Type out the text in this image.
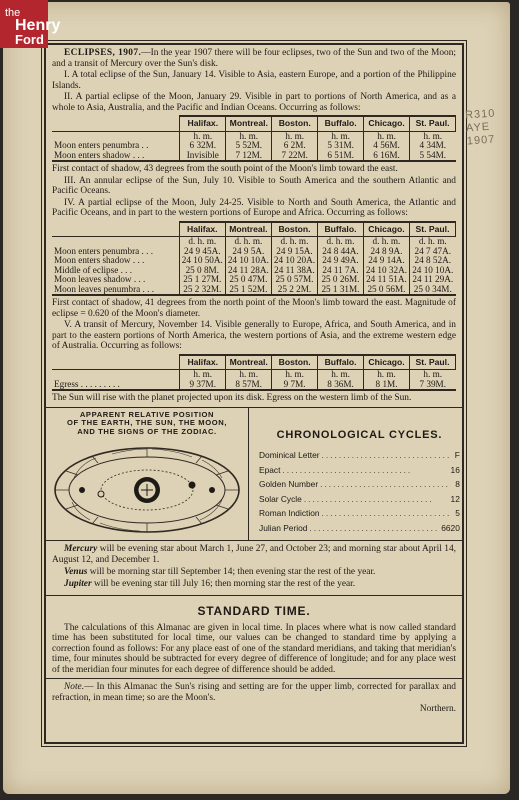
the
Henry
Ford
R310
AYE
1907

ECLIPSES, 1907.—In the year 1907 there will be four eclipses, two of the Sun and two of the Moon; and a transit of Mercury over the Sun's disk.

I. A total eclipse of the Sun, January 14. Visible to Asia, eastern Europe, and a portion of the Philippine Islands.

II. A partial eclipse of the Moon, January 29. Visible in part to portions of North America, and as a whole to Asia, Australia, and the Pacific and Indian Oceans. Occurring as follows:

	Halifax.	Montreal.	Boston.	Buffalo.	Chicago.	St. Paul.
	h. m.	h. m.	h. m.	h. m.	h. m.	h. m.
Moon enters penumbra . .	6 32M.	5 52M.	6 2M.	5 31M.	4 56M.	4 34M.
Moon enters shadow . . .	Invisible	7 12M.	7 22M.	6 51M.	6 16M.	5 54M.

First contact of shadow, 43 degrees from the south point of the Moon's limb toward the east.

III. An annular eclipse of the Sun, July 10. Visible to South America and the southern Atlantic and Pacific Oceans.

IV. A partial eclipse of the Moon, July 24-25. Visible to North and South America, the Atlantic and Pacific Oceans, and in part to the western portions of Europe and Africa. Occurring as follows:

	Halifax.	Montreal.	Boston.	Buffalo.	Chicago.	St. Paul.
	d. h. m.	d. h. m.	d. h. m.	d. h. m.	d. h. m.	d. h. m.
Moon enters penumbra . . .	24 9 45A.	24 9 5A.	24 9 15A.	24 8 44A.	24 8 9A.	24 7 47A.
Moon enters shadow . . .	24 10 50A.	24 10 10A.	24 10 20A.	24 9 49A.	24 9 14A.	24 8 52A.
Middle of eclipse . . .	25 0 8M.	24 11 28A.	24 11 38A.	24 11 7A.	24 10 32A.	24 10 10A.
Moon leaves shadow . . .	25 1 27M.	25 0 47M.	25 0 57M.	25 0 26M.	24 11 51A.	24 11 29A.
Moon leaves penumbra . . .	25 2 32M.	25 1 52M.	25 2 2M.	25 1 31M.	25 0 56M.	25 0 34M.

First contact of shadow, 41 degrees from the north point of the Moon's limb toward the east. Magnitude of eclipse = 0.620 of the Moon's diameter.

V. A transit of Mercury, November 14. Visible generally to Europe, Africa, and South America, and in part to the eastern portions of North America, the western portions of Asia, and the extreme western edge of Australia. Occurring as follows:

	Halifax.	Montreal.	Boston.	Buffalo.	Chicago.	St. Paul.
	h. m.	h. m.	h. m.	h. m.	h. m.	h. m.
Egress . . . . . . . . .	9 37M.	8 57M.	9 7M.	8 36M.	8 1M.	7 39M.

The Sun will rise with the planet projected upon its disk. Egress on the western limb of the Sun.

APPARENT RELATIVE POSITION
OF THE EARTH, THE SUN, THE MOON,
AND THE SIGNS OF THE ZODIAC.	CHRONOLOGICAL CYCLES.
Dominical Letter .............................. F
Epact ..............................	16
Golden Number .............................. 8
Solar Cycle ..............................	12
Roman Indiction .............................. 5
Julian Period .............................. 6620

Mercury will be evening star about March 1, June 27, and October 23; and morning star about April 14, August 12, and December 1.

Venus will be morning star till September 14; then evening star the rest of the year.

Jupiter will be evening star till July 16; then morning star the rest of the year.

STANDARD TIME.

The calculations of this Almanac are given in local time. In places where what is now called standard time has been substituted for local time, our values can be changed to standard time by applying a correction found as follows: For any place east of one of the standard meridians, and taking that meridian's time, four minutes should be subtracted for every degree of difference of longitude; and for any place west of the meridian four minutes for each degree of difference should be added.

Note.— In this Almanac the Sun's rising and setting are for the upper limb, corrected for parallax and refraction, in mean time; so are the Moon's.

Northern.
